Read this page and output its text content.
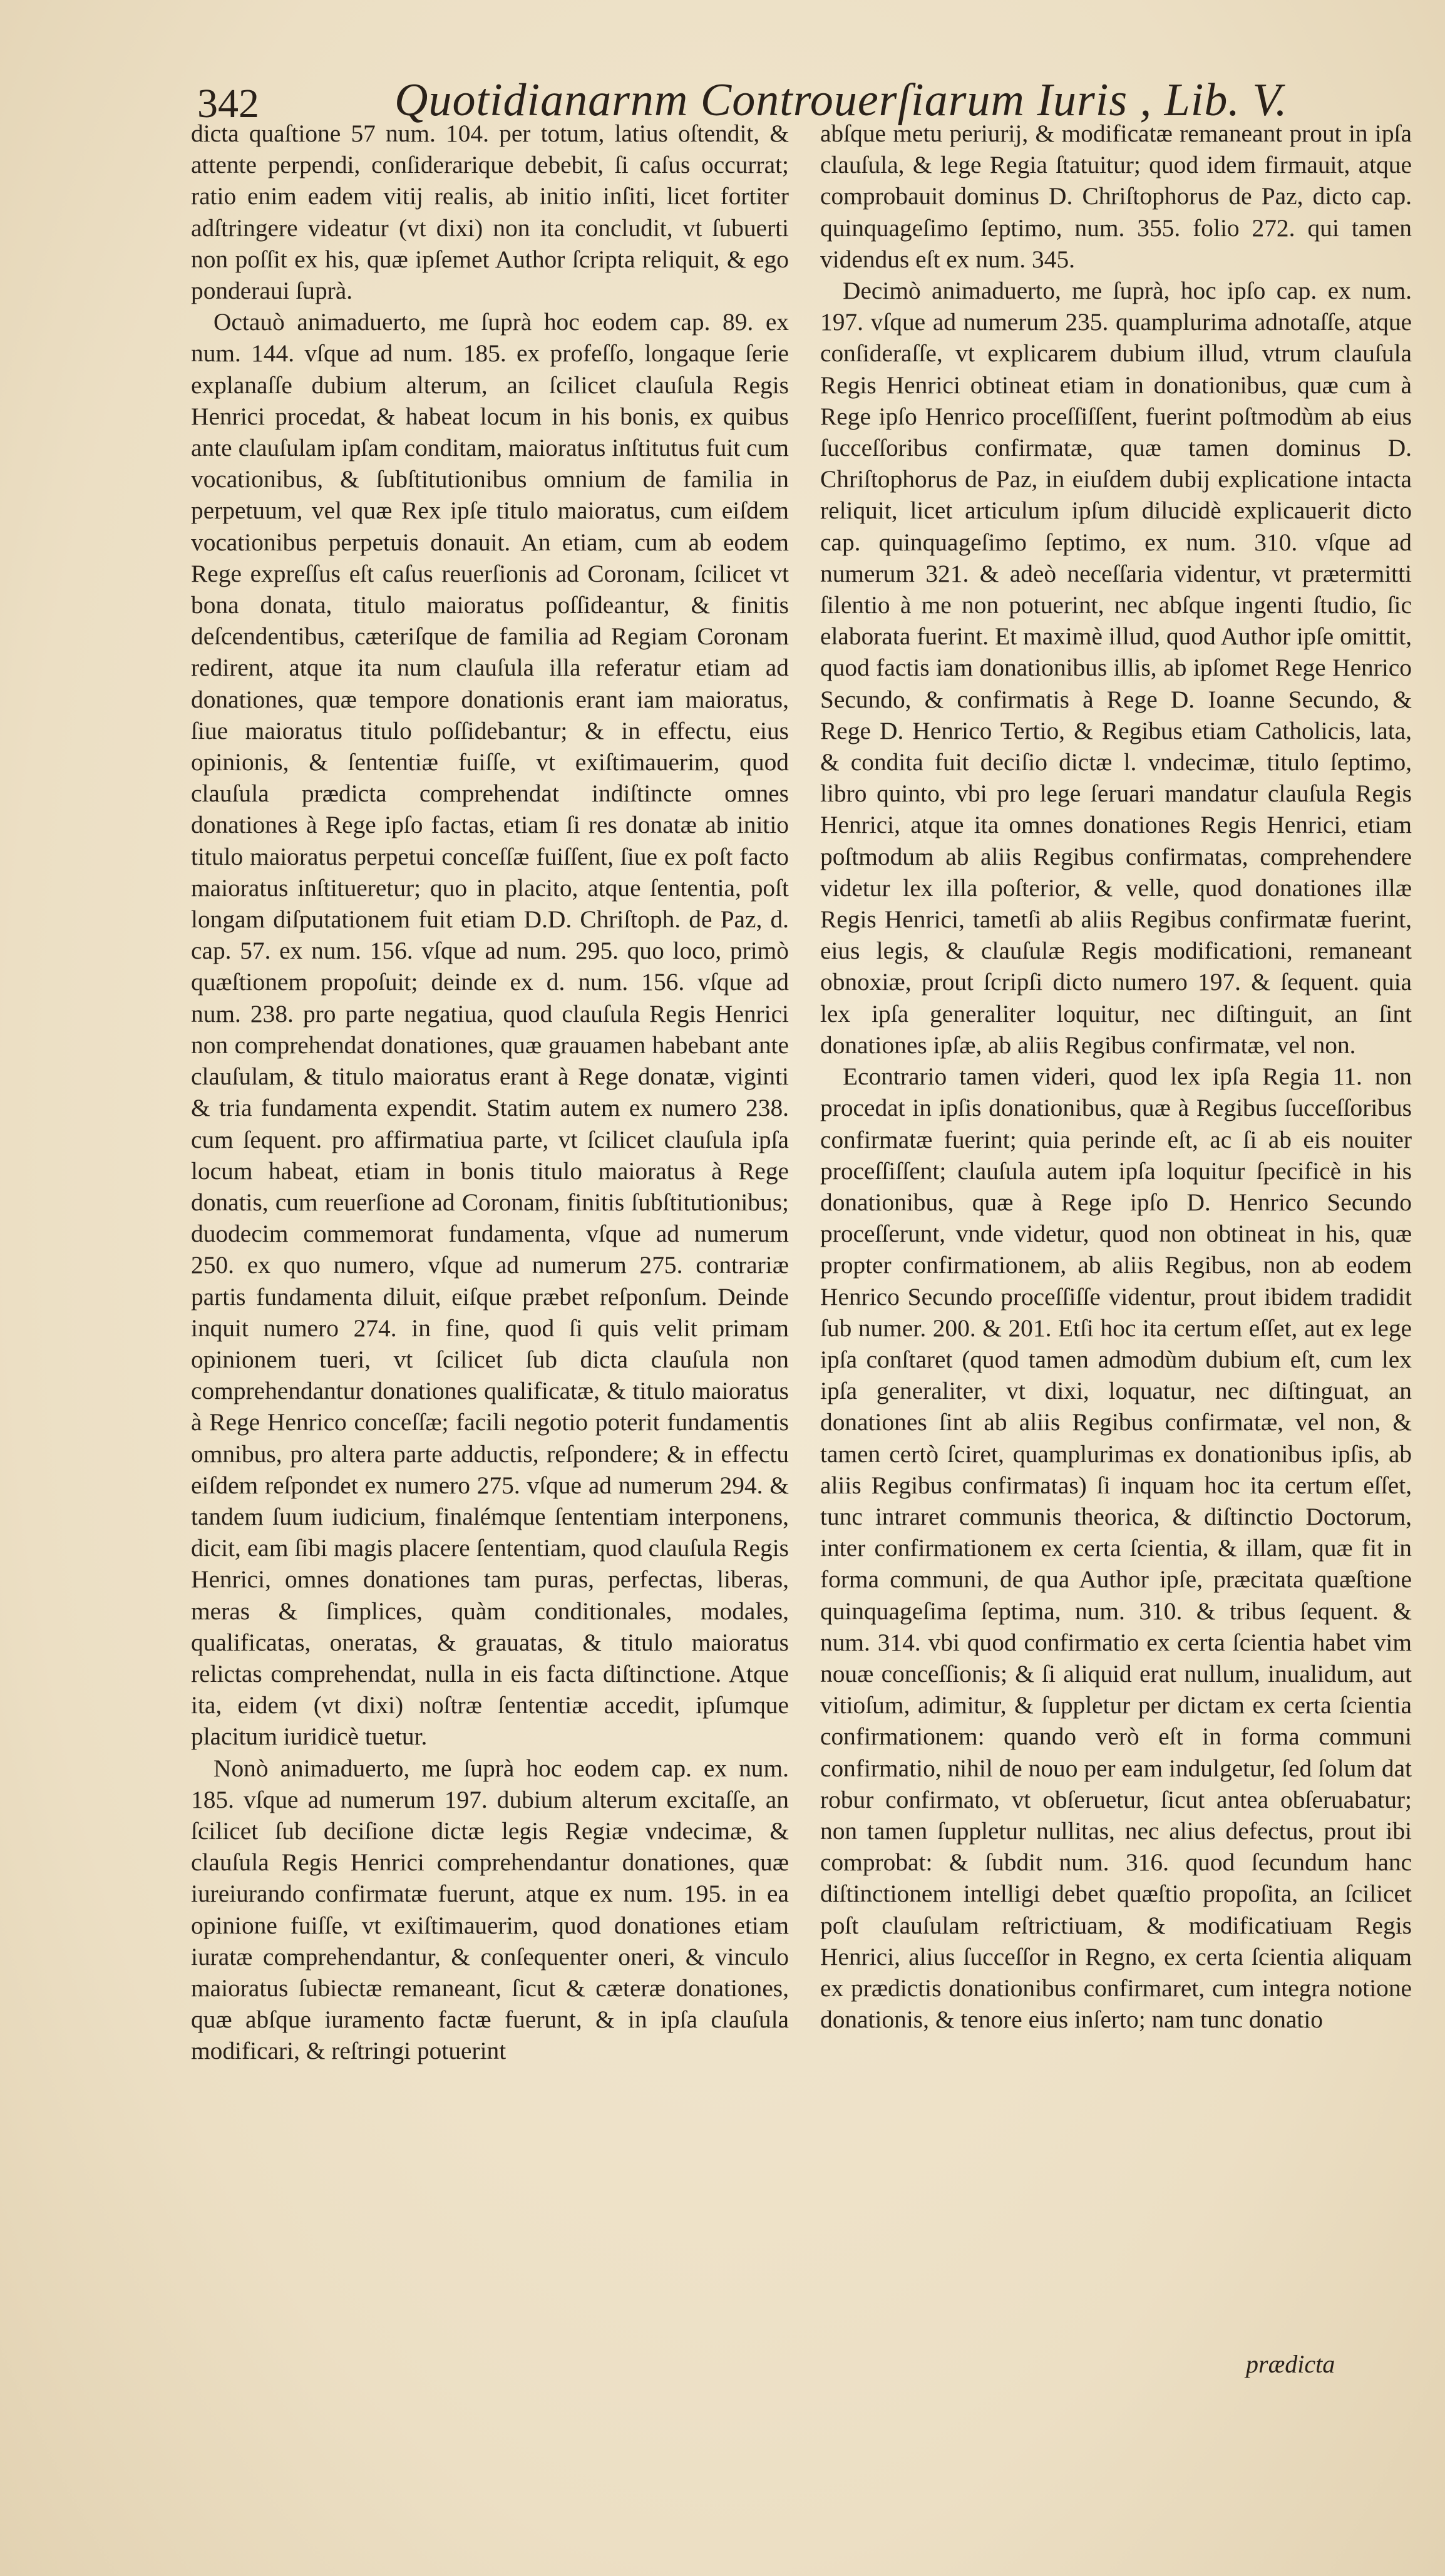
342	Quotidianarnm Controuerſiarum Iuris , Lib. V.

dicta quaſtione 57 num. 104. per totum, latius oſtendit, & attente perpendi, conſiderarique debebit, ſi caſus occurrat; ratio enim eadem vitij realis, ab initio inſiti, licet fortiter adſtringere videatur (vt dixi) non ita concludit, vt ſubuerti non poſſit ex his, quæ ipſemet Author ſcripta reliquit, & ego ponderaui ſuprà.

Octauò animaduerto, me ſuprà hoc eodem cap. 89. ex num. 144. vſque ad num. 185. ex profeſſo, longaque ſerie explanaſſe dubium alterum, an ſcilicet clauſula Regis Henrici procedat, & habeat locum in his bonis, ex quibus ante clauſulam ipſam conditam, maioratus inſtitutus fuit cum vocationibus, & ſubſtitutionibus omnium de familia in perpetuum, vel quæ Rex ipſe titulo maioratus, cum eiſdem vocationibus perpetuis donauit. An etiam, cum ab eodem Rege expreſſus eſt caſus reuerſionis ad Coronam, ſcilicet vt bona donata, titulo maioratus poſſideantur, & finitis deſcendentibus, cæteriſque de familia ad Regiam Coronam redirent, atque ita num clauſula illa referatur etiam ad donationes, quæ tempore donationis erant iam maioratus, ſiue maioratus titulo poſſidebantur; & in effectu, eius opinionis, & ſententiæ fuiſſe, vt exiſtimauerim, quod clauſula prædicta comprehendat indiſtincte omnes donationes à Rege ipſo factas, etiam ſi res donatæ ab initio titulo maioratus perpetui conceſſæ fuiſſent, ſiue ex poſt facto maioratus inſtitueretur; quo in placito, atque ſententia, poſt longam diſputationem fuit etiam D.D. Chriſtoph. de Paz, d. cap. 57. ex num. 156. vſque ad num. 295. quo loco, primò quæſtionem propoſuit; deinde ex d. num. 156. vſque ad num. 238. pro parte negatiua, quod clauſula Regis Henrici non comprehendat donationes, quæ grauamen habebant ante clauſulam, & titulo maioratus erant à Rege donatæ, viginti & tria fundamenta expendit. Statim autem ex numero 238. cum ſequent. pro affirmatiua parte, vt ſcilicet clauſula ipſa locum habeat, etiam in bonis titulo maioratus à Rege donatis, cum reuerſione ad Coronam, finitis ſubſtitutionibus; duodecim commemorat fundamenta, vſque ad numerum 250. ex quo numero, vſque ad numerum 275. contrariæ partis fundamenta diluit, eiſque præbet reſponſum. Deinde inquit numero 274. in fine, quod ſi quis velit primam opinionem tueri, vt ſcilicet ſub dicta clauſula non comprehendantur donationes qualificatæ, & titulo maioratus à Rege Henrico conceſſæ; facili negotio poterit fundamentis omnibus, pro altera parte adductis, reſpondere; & in effectu eiſdem reſpondet ex numero 275. vſque ad numerum 294. & tandem ſuum iudicium, finalémque ſententiam interponens, dicit, eam ſibi magis placere ſententiam, quod clauſula Regis Henrici, omnes donationes tam puras, perfectas, liberas, meras & ſimplices, quàm conditionales, modales, qualificatas, oneratas, & grauatas, & titulo maioratus relictas comprehendat, nulla in eis facta diſtinctione. Atque ita, eidem (vt dixi) noſtræ ſententiæ accedit, ipſumque placitum iuridicè tuetur.

Nonò animaduerto, me ſuprà hoc eodem cap. ex num. 185. vſque ad numerum 197. dubium alterum excitaſſe, an ſcilicet ſub deciſione dictæ legis Regiæ vndecimæ, & clauſula Regis Henrici comprehendantur donationes, quæ iureiurando confirmatæ fuerunt, atque ex num. 195. in ea opinione fuiſſe, vt exiſtimauerim, quod donationes etiam iuratæ comprehendantur, & conſequenter oneri, & vinculo maioratus ſubiectæ remaneant, ſicut & cæteræ donationes, quæ abſque iuramento factæ fuerunt, & in ipſa clauſula modificari, & reſtringi potuerint

abſque metu periurij, & modificatæ remaneant prout in ipſa clauſula, & lege Regia ſtatuitur; quod idem firmauit, atque comprobauit dominus D. Chriſtophorus de Paz, dicto cap. quinquageſimo ſeptimo, num. 355. folio 272. qui tamen videndus eſt ex num. 345.

Decimò animaduerto, me ſuprà, hoc ipſo cap. ex num. 197. vſque ad numerum 235. quamplurima adnotaſſe, atque conſideraſſe, vt explicarem dubium illud, vtrum clauſula Regis Henrici obtineat etiam in donationibus, quæ cum à Rege ipſo Henrico proceſſiſſent, fuerint poſtmodùm ab eius ſucceſſoribus confirmatæ, quæ tamen dominus D. Chriſtophorus de Paz, in eiuſdem dubij explicatione intacta reliquit, licet articulum ipſum dilucidè explicauerit dicto cap. quinquageſimo ſeptimo, ex num. 310. vſque ad numerum 321. & adeò neceſſaria videntur, vt prætermitti ſilentio à me non potuerint, nec abſque ingenti ſtudio, ſic elaborata fuerint. Et maximè illud, quod Author ipſe omittit, quod factis iam donationibus illis, ab ipſomet Rege Henrico Secundo, & confirmatis à Rege D. Ioanne Secundo, & Rege D. Henrico Tertio, & Regibus etiam Catholicis, lata, & condita fuit deciſio dictæ l. vndecimæ, titulo ſeptimo, libro quinto, vbi pro lege ſeruari mandatur clauſula Regis Henrici, atque ita omnes donationes Regis Henrici, etiam poſtmodum ab aliis Regibus confirmatas, comprehendere videtur lex illa poſterior, & velle, quod donationes illæ Regis Henrici, tametſi ab aliis Regibus confirmatæ fuerint, eius legis, & clauſulæ Regis modificationi, remaneant obnoxiæ, prout ſcripſi dicto numero 197. & ſequent. quia lex ipſa generaliter loquitur, nec diſtinguit, an ſint donationes ipſæ, ab aliis Regibus confirmatæ, vel non.

Econtrario tamen videri, quod lex ipſa Regia 11. non procedat in ipſis donationibus, quæ à Regibus ſucceſſoribus confirmatæ fuerint; quia perinde eſt, ac ſi ab eis nouiter proceſſiſſent; clauſula autem ipſa loquitur ſpecificè in his donationibus, quæ à Rege ipſo D. Henrico Secundo proceſſerunt, vnde videtur, quod non obtineat in his, quæ propter confirmationem, ab aliis Regibus, non ab eodem Henrico Secundo proceſſiſſe videntur, prout ibidem tradidit ſub numer. 200. & 201. Etſi hoc ita certum eſſet, aut ex lege ipſa conſtaret (quod tamen admodùm dubium eſt, cum lex ipſa generaliter, vt dixi, loquatur, nec diſtinguat, an donationes ſint ab aliis Regibus confirmatæ, vel non, & tamen certò ſciret, quamplurimas ex donationibus ipſis, ab aliis Regibus confirmatas) ſi inquam hoc ita certum eſſet, tunc intraret communis theorica, & diſtinctio Doctorum, inter confirmationem ex certa ſcientia, & illam, quæ fit in forma communi, de qua Author ipſe, præcitata quæſtione quinquageſima ſeptima, num. 310. & tribus ſequent. & num. 314. vbi quod confirmatio ex certa ſcientia habet vim nouæ conceſſionis; & ſi aliquid erat nullum, inualidum, aut vitioſum, adimitur, & ſuppletur per dictam ex certa ſcientia confirmationem: quando verò eſt in forma communi confirmatio, nihil de nouo per eam indulgetur, ſed ſolum dat robur confirmato, vt obſeruetur, ſicut antea obſeruabatur; non tamen ſuppletur nullitas, nec alius defectus, prout ibi comprobat: & ſubdit num. 316. quod ſecundum hanc diſtinctionem intelligi debet quæſtio propoſita, an ſcilicet poſt clauſulam reſtrictiuam, & modificatiuam Regis Henrici, alius ſucceſſor in Regno, ex certa ſcientia aliquam ex prædictis donationibus confirmaret, cum integra notione donationis, & tenore eius inſerto; nam tunc donatio

prædicta
